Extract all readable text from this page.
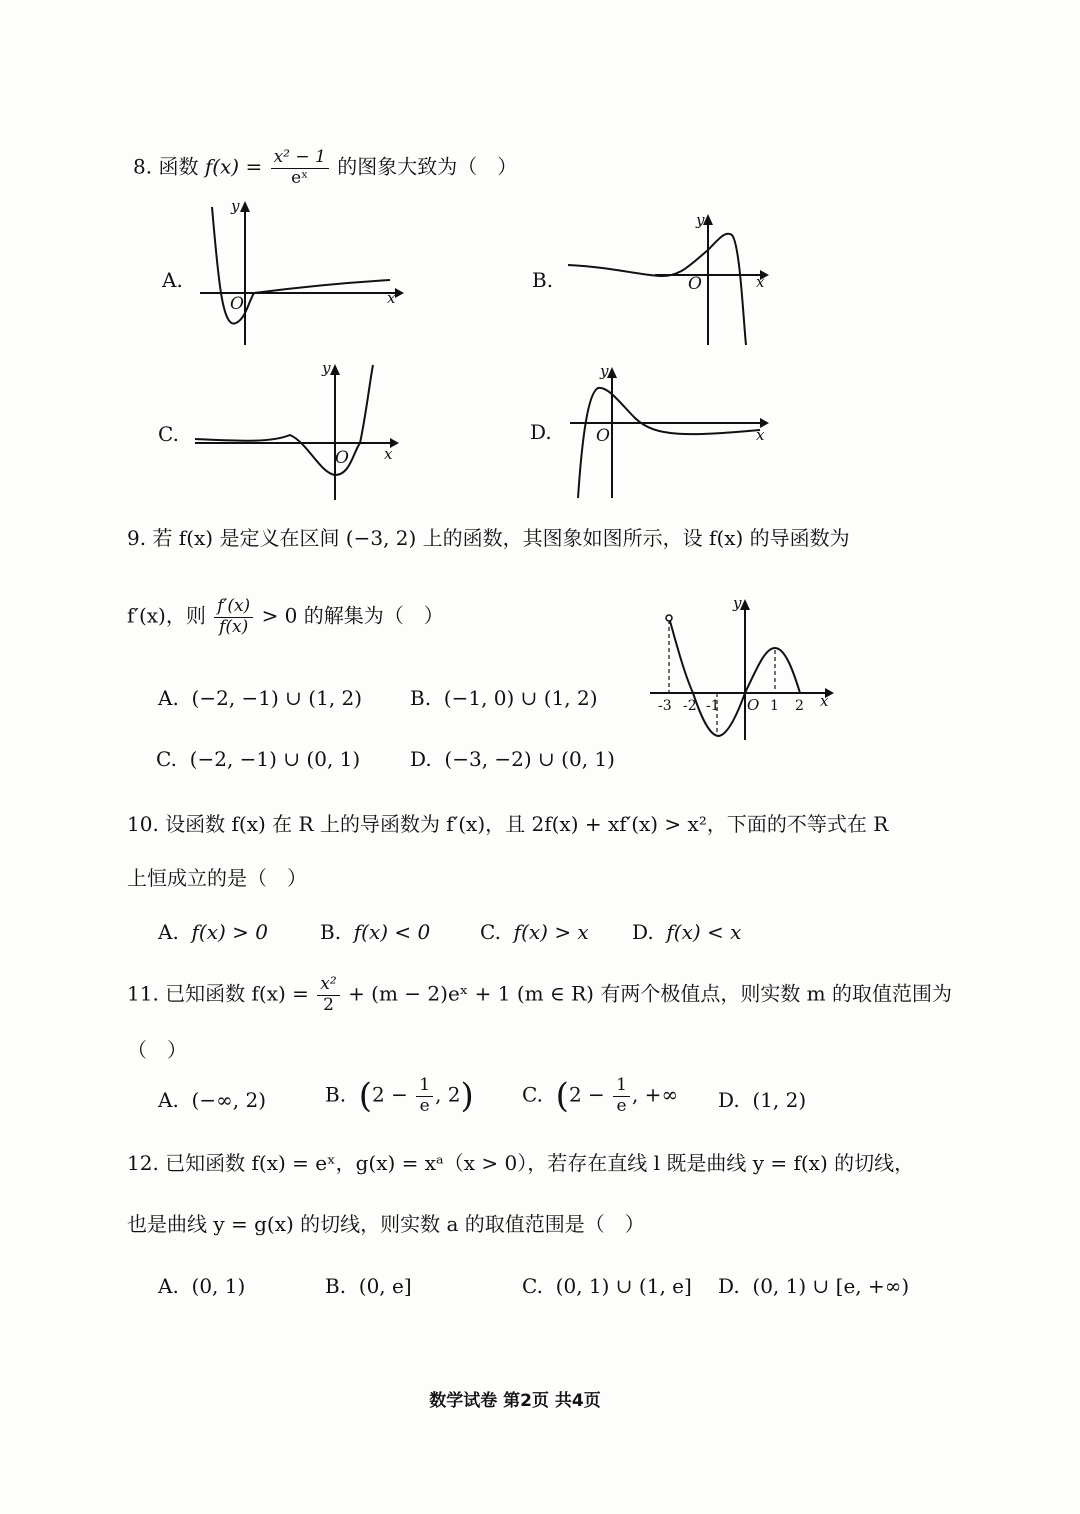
8. 函数 $f(x) = \frac{\text{x² − 1}}{\text{eˣ}}$ 的图象大致为（　）
A.
y
O	x
B.
y
O	x
C.
y
O x
D.
y
O	x
9. 若 f(x) 是定义在区间 (−3, 2) 上的函数，其图象如图所示，设 f(x) 的导函数为
f′(x)，则 $\frac{f'(x)}{f(x)} > 0$ 的解集为（　）
A. (−2, −1) ∪ (1, 2) B. (−1, 0) ∪ (1, 2)
C. (−2, −1) ∪ (0, 1) D. (−3, −2) ∪ (0, 1)
y
x
-3 -2 -1 O 1 2
10. 设函数 f(x) 在 R 上的导函数为 f′(x)，且 2f(x) + xf′(x) > x²，下面的不等式在 R
上恒成立的是（　）
A. f(x) > 0	B. f(x) < 0 C. f(x) > x D. f(x) < x
11. 已知函数 $f(x) = \frac{\text{x²}}{2} + (m$ − 2)eˣ + 1 (m ∈ R) 有两个极值点，则实数 m 的取值范围为
（　）
A. (−∞, 2)	B. ($2 - \frac{1}{e}$ , 2) C. ($2 - \frac{1}{e}$ , +∞ D. (1, 2)
12. 已知函数 f(x) = eˣ，g(x) = xᵃ（x > 0），若存在直线 l 既是曲线 y = f(x) 的切线，
也是曲线 y = g(x) 的切线，则实数 a 的取值范围是（　）
A. (0, 1)	B. (0, e]	C. (0, 1) ∪ (1, e] D. (0, 1) ∪ [e, +∞)
数学试卷 第2页 共4页
